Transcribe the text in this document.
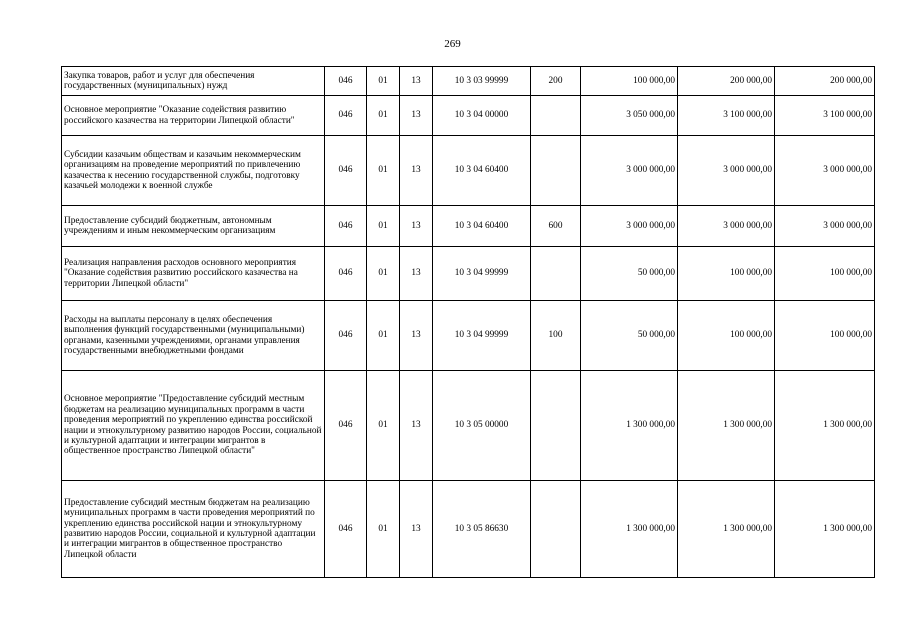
269
Закупка товаров, работ и услуг для обеспечения государственных (муниципальных) нужд	046	01	13	10 3 03 99999	200	100 000,00	200 000,00	200 000,00
Основное мероприятие "Оказание содействия развитию российского казачества на территории Липецкой области"	046	01	13	10 3 04 00000		3 050 000,00	3 100 000,00	3 100 000,00
Субсидии казачьим обществам и казачьим некоммерческим организациям на проведение мероприятий по привлечению казачества к несению государственной службы, подготовку казачьей молодежи к военной службе	046	01	13	10 3 04 60400		3 000 000,00	3 000 000,00	3 000 000,00
Предоставление субсидий бюджетным, автономным учреждениям и иным некоммерческим организациям	046	01	13	10 3 04 60400	600	3 000 000,00	3 000 000,00	3 000 000,00
Реализация направления расходов основного мероприятия "Оказание содействия развитию российского казачества на территории Липецкой области"	046	01	13	10 3 04 99999		50 000,00	100 000,00	100 000,00
Расходы на выплаты персоналу в целях обеспечения выполнения функций государственными (муниципальными) органами, казенными учреждениями, органами управления государственными внебюджетными фондами	046	01	13	10 3 04 99999	100	50 000,00	100 000,00	100 000,00
Основное мероприятие "Предоставление субсидий местным бюджетам на реализацию муниципальных программ в части проведения мероприятий по укреплению единства российской нации и этнокультурному развитию народов России, социальной и культурной адаптации и интеграции мигрантов в общественное пространство Липецкой области"	046	01	13	10 3 05 00000		1 300 000,00	1 300 000,00	1 300 000,00
Предоставление субсидий местным бюджетам на реализацию муниципальных программ в части проведения мероприятий по укреплению единства российской нации и этнокультурному развитию народов России, социальной и культурной адаптации и интеграции мигрантов в общественное пространство Липецкой области	046	01	13	10 3 05 86630		1 300 000,00	1 300 000,00	1 300 000,00
